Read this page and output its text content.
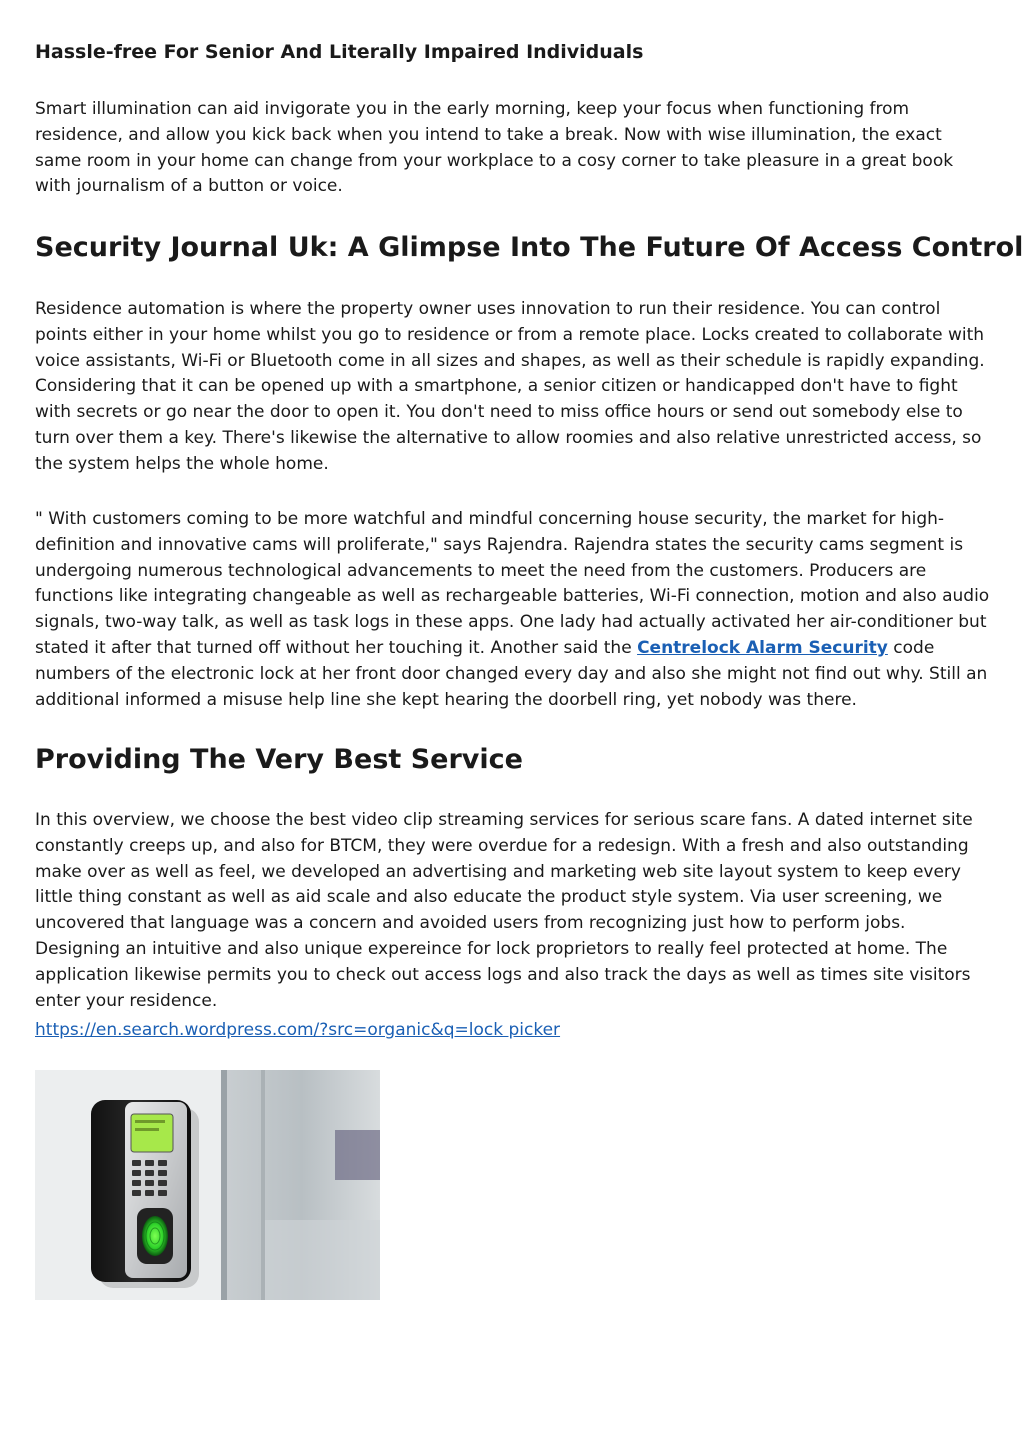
Hassle-free For Senior And Literally Impaired Individuals

Smart illumination can aid invigorate you in the early morning, keep your focus when functioning from residence, and allow you kick back when you intend to take a break. Now with wise illumination, the exact same room in your home can change from your workplace to a cosy corner to take pleasure in a great book with journalism of a button or voice.

Security Journal Uk: A Glimpse Into The Future Of Access Control

Residence automation is where the property owner uses innovation to run their residence. You can control points either in your home whilst you go to residence or from a remote place. Locks created to collaborate with voice assistants, Wi-Fi or Bluetooth come in all sizes and shapes, as well as their schedule is rapidly expanding. Considering that it can be opened up with a smartphone, a senior citizen or handicapped don't have to fight with secrets or go near the door to open it. You don't need to miss office hours or send out somebody else to turn over them a key. There's likewise the alternative to allow roomies and also relative unrestricted access, so the system helps the whole home.

" With customers coming to be more watchful and mindful concerning house security, the market for high-definition and innovative cams will proliferate," says Rajendra. Rajendra states the security cams segment is undergoing numerous technological advancements to meet the need from the customers. Producers are functions like integrating changeable as well as rechargeable batteries, Wi-Fi connection, motion and also audio signals, two-way talk, as well as task logs in these apps. One lady had actually activated her air-conditioner but stated it after that turned off without her touching it. Another said the Centrelock Alarm Security code numbers of the electronic lock at her front door changed every day and also she might not find out why. Still an additional informed a misuse help line she kept hearing the doorbell ring, yet nobody was there.

Providing The Very Best Service

In this overview, we choose the best video clip streaming services for serious scare fans. A dated internet site constantly creeps up, and also for BTCM, they were overdue for a redesign. With a fresh and also outstanding make over as well as feel, we developed an advertising and marketing web site layout system to keep every little thing constant as well as aid scale and also educate the product style system. Via user screening, we uncovered that language was a concern and avoided users from recognizing just how to perform jobs. Designing an intuitive and also unique expereince for lock proprietors to really feel protected at home. The application likewise permits you to check out access logs and also track the days as well as times site visitors enter your residence.

https://en.search.wordpress.com/?src=organic&q=lock picker
